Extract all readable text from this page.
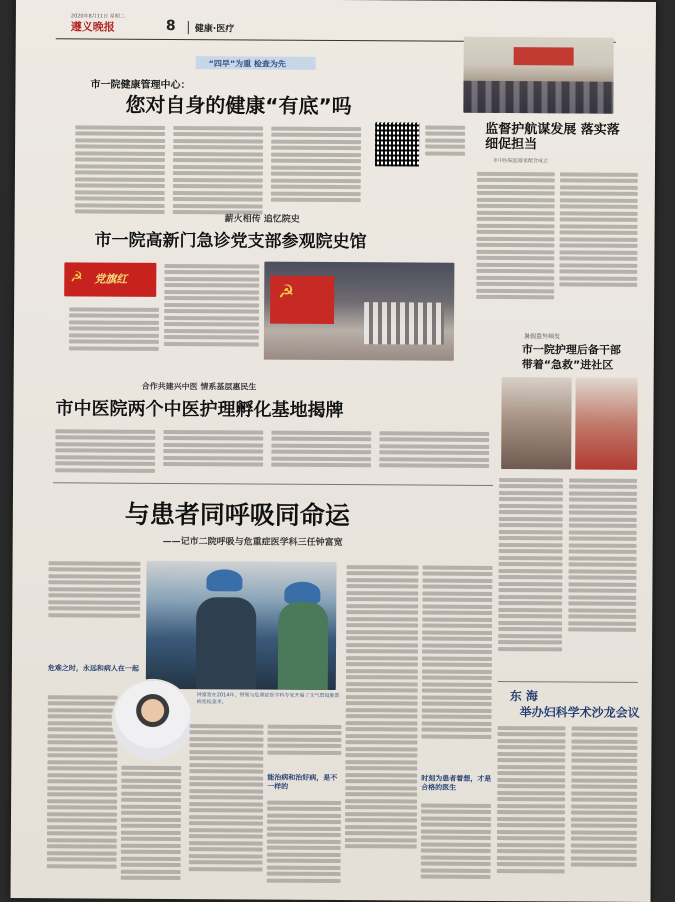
2020年8月11日 星期二
遵义晚报	8	健康·医疗
“四早”为重 检查为先
市一院健康管理中心：
您对自身的健康“有底”吗
监督护航谋发展 落实落细促担当
市中医院监察室配合成立
薪火相传 追忆院史
市一院高新门急诊党支部参观院史馆
☭ 党旗红
☭
暑假意外频发
市一院护理后备干部
带着“急救”进社区
合作共建兴中医 情系基层惠民生
市中医院两个中医护理孵化基地揭牌
与患者同呼吸同命运
——记市二院呼吸与危重症医学科三任钟富宽
危难之时，永远和病人在一起
钟富宽在2014年，带领与危重症医学科专家开展了支气管镜肺部病变检查术。
能治病和治好病，是不一样的
时刻为患者着想，才是合格的医生
东 海
举办妇科学术沙龙会议
